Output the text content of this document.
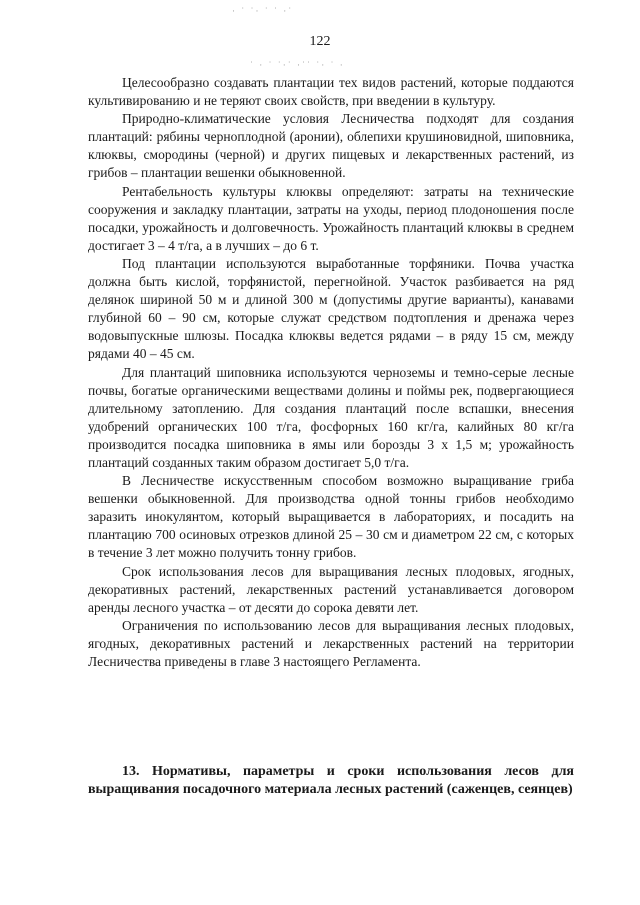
· ˙ ˙· ˙ ˙ ·˙
˙ · ˙ ˙·˙ ·˙˙ ˙· ˙ ·
122

Целесообразно создавать плантации тех видов растений, которые поддаются культивированию и не теряют своих свойств, при введении в культуру.

Природно-климатические условия Лесничества подходят для создания плантаций: рябины черноплодной (аронии), облепихи крушиновидной, шиповника, клюквы, смородины (черной) и других пищевых и лекарственных растений, из грибов – плантации вешенки обыкновенной.

Рентабельность культуры клюквы определяют: затраты на технические сооружения и закладку плантации, затраты на уходы, период плодоношения после посадки, урожайность и долговечность. Урожайность плантаций клюквы в среднем достигает 3 – 4 т/га, а в лучших – до 6 т.

Под плантации используются выработанные торфяники. Почва участка должна быть кислой, торфянистой, перегнойной. Участок разбивается на ряд делянок шириной 50 м и длиной 300 м (допустимы другие варианты), канавами глубиной 60 – 90 см, которые служат средством подтопления и дренажа через водовыпускные шлюзы. Посадка клюквы ведется рядами – в ряду 15 см, между рядами 40 – 45 см.

Для плантаций шиповника используются черноземы и темно-серые лесные почвы, богатые органическими веществами долины и поймы рек, подвергающиеся длительному затоплению. Для создания плантаций после вспашки, внесения удобрений органических 100 т/га, фосфорных 160 кг/га, калийных 80 кг/га производится посадка шиповника в ямы или борозды 3 х 1,5 м; урожайность плантаций созданных таким образом достигает 5,0 т/га.

В Лесничестве искусственным способом возможно выращивание гриба вешенки обыкновенной. Для производства одной тонны грибов необходимо заразить инокулянтом, который выращивается в лабораториях, и посадить на плантацию 700 осиновых отрезков длиной 25 – 30 см и диаметром 22 см, с которых в течение 3 лет можно получить тонну грибов.

Срок использования лесов для выращивания лесных плодовых, ягодных, декоративных растений, лекарственных растений устанавливается договором аренды лесного участка – от десяти до сорока девяти лет.

Ограничения по использованию лесов для выращивания лесных плодовых, ягодных, декоративных растений и лекарственных растений на территории Лесничества приведены в главе 3 настоящего Регламента.

13. Нормативы, параметры и сроки использования лесов для выращивания посадочного материала лесных растений (саженцев, сеянцев)
